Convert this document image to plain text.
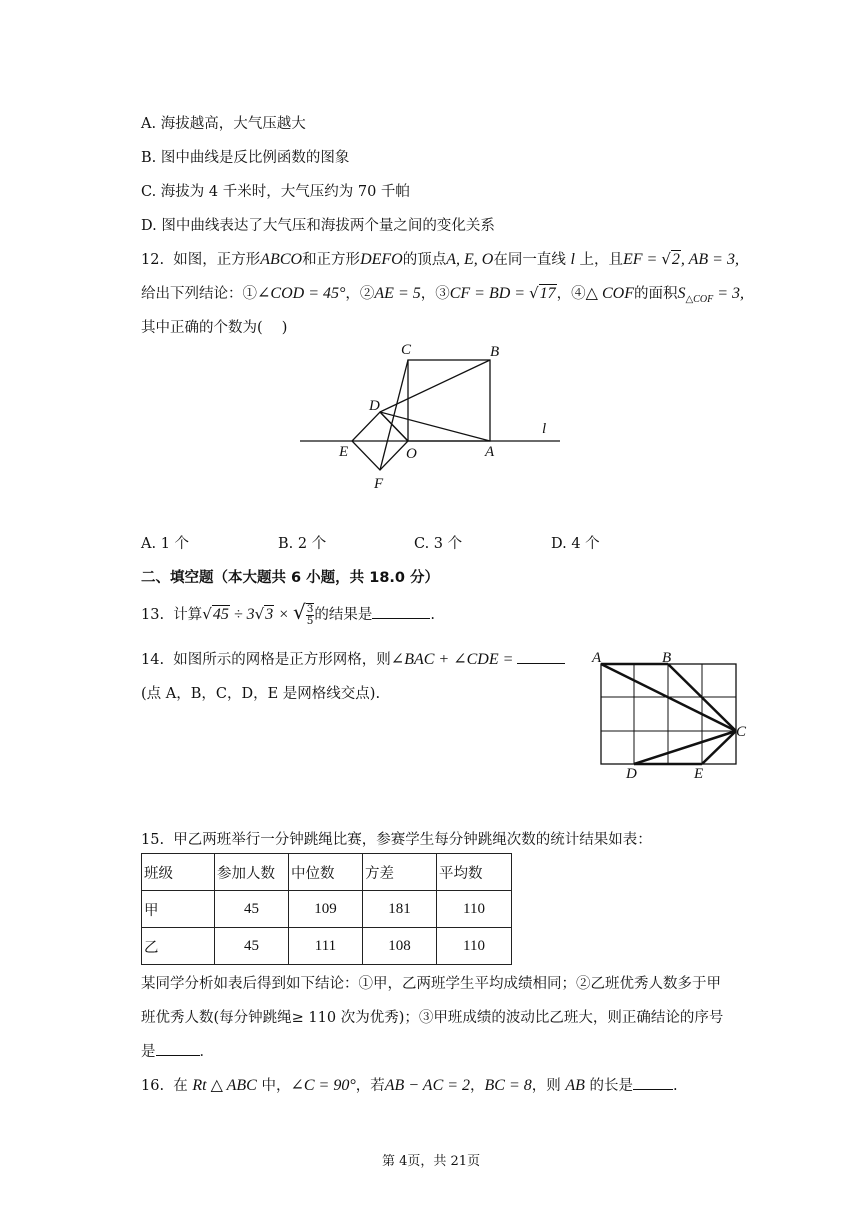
A. 海拔越高，大气压越大
B. 图中曲线是反比例函数的图象
C. 海拔为 4 千米时，大气压约为 70 千帕
D. 图中曲线表达了大气压和海拔两个量之间的变化关系
12. 如图，正方形ABCO和正方形DEFO的顶点A, E, O在同一直线 l 上，且EF = √2, AB = 3,
给出下列结论：①∠COD = 45°，②AE = 5，③CF = BD = √17，④△ COF的面积$S_{\triangle COF} = 3$,
其中正确的个数为(　 )
C	B
D
E	O	A
F
l
A. 1 个	B. 2 个	C. 3 个	D. 4 个
二、填空题（本大题共 6 小题，共 18.0 分）
13. 计算√45 ÷ 3√3 × √ $\frac{3}{5}$ 的结果是	.
14. 如图所示的网格是正方形网格，则∠BAC + ∠CDE =
(点 A，B，C，D，E 是网格线交点).
A	B
C
D	E
15. 甲乙两班举行一分钟跳绳比赛，参赛学生每分钟跳绳次数的统计结果如表：
班级	参加人数	中位数	方差	平均数
甲	45	109	181	110
乙	45	111	108	110
某同学分析如表后得到如下结论：①甲，乙两班学生平均成绩相同；②乙班优秀人数多于甲
班优秀人数(每分钟跳绳≥ 110 次为优秀)；③甲班成绩的波动比乙班大，则正确结论的序号
是	．
16. 在 Rt △ ABC 中，∠C = 90°，若AB − AC = 2，BC = 8，则 AB 的长是	.
第 4页，共 21页
